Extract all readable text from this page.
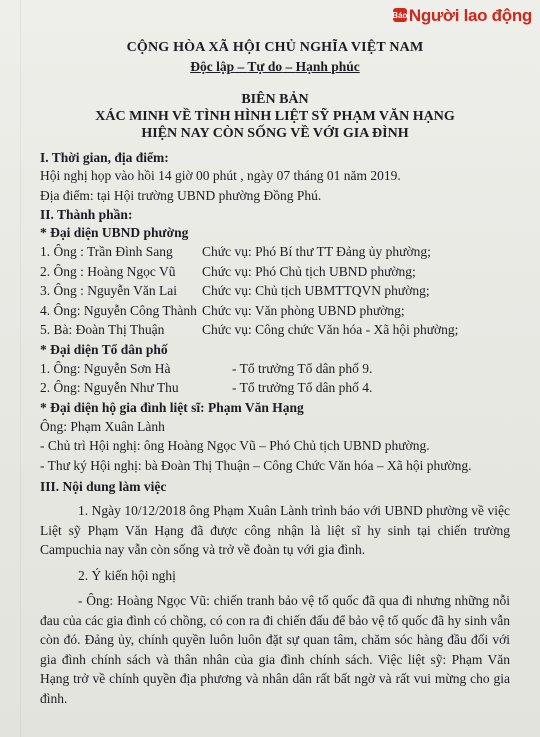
Báo Người lao động
CỘNG HÒA XÃ HỘI CHỦ NGHĨA VIỆT NAM
Độc lập – Tự do – Hạnh phúc
BIÊN BẢN
XÁC MINH VỀ TÌNH HÌNH LIỆT SỸ PHẠM VĂN HẠNG
HIỆN NAY CÒN SỐNG VỀ VỚI GIA ĐÌNH
I. Thời gian, địa điểm:
Hội nghị họp vào hồi 14 giờ 00 phút , ngày 07 tháng 01 năm 2019.
Địa điểm: tại Hội trường UBND phường Đồng Phú.
II. Thành phần:
* Đại diện UBND phường
1. Ông : Trần Đình Sang	Chức vụ: Phó Bí thư TT Đảng ủy phường;
2. Ông : Hoàng Ngọc Vũ	Chức vụ: Phó Chủ tịch UBND phường;
3. Ông : Nguyễn Văn Lai	Chức vụ: Chủ tịch UBMTTQVN phường;
4. Ông: Nguyễn Công Thành Chức vụ: Văn phòng UBND phường;
5. Bà: Đoàn Thị Thuận	Chức vụ: Công chức Văn hóa - Xã hội phường;
* Đại diện Tổ dân phố
1. Ông: Nguyễn Sơn Hà	- Tổ trưởng Tổ dân phố 9.
2. Ông: Nguyễn Như Thu	- Tổ trưởng Tổ dân phố 4.
* Đại diện hộ gia đình liệt sĩ: Phạm Văn Hạng
Ông: Phạm Xuân Lành
- Chủ trì Hội nghị: ông Hoàng Ngọc Vũ – Phó Chủ tịch UBND phường.
- Thư ký Hội nghị: bà Đoàn Thị Thuận – Công Chức Văn hóa – Xã hội phường.
III. Nội dung làm việc

1. Ngày 10/12/2018 ông Phạm Xuân Lành trình báo với UBND phường về việc Liệt sỹ Phạm Văn Hạng đã được công nhận là liệt sĩ hy sinh tại chiến trường Campuchia nay vẫn còn sống và trở về đoàn tụ với gia đình.

2. Ý kiến hội nghị

- Ông: Hoàng Ngọc Vũ: chiến tranh bảo vệ tổ quốc đã qua đi nhưng những nỗi đau của các gia đình có chồng, có con ra đi chiến đấu để bảo vệ tổ quốc đã hy sinh vẫn còn đó. Đảng ủy, chính quyền luôn luôn đặt sự quan tâm, chăm sóc hàng đầu đối với gia đình chính sách và thân nhân của gia đình chính sách. Việc liệt sỹ: Phạm Văn Hạng trở về chính quyền địa phương và nhân dân rất bất ngờ và rất vui mừng cho gia đình.
